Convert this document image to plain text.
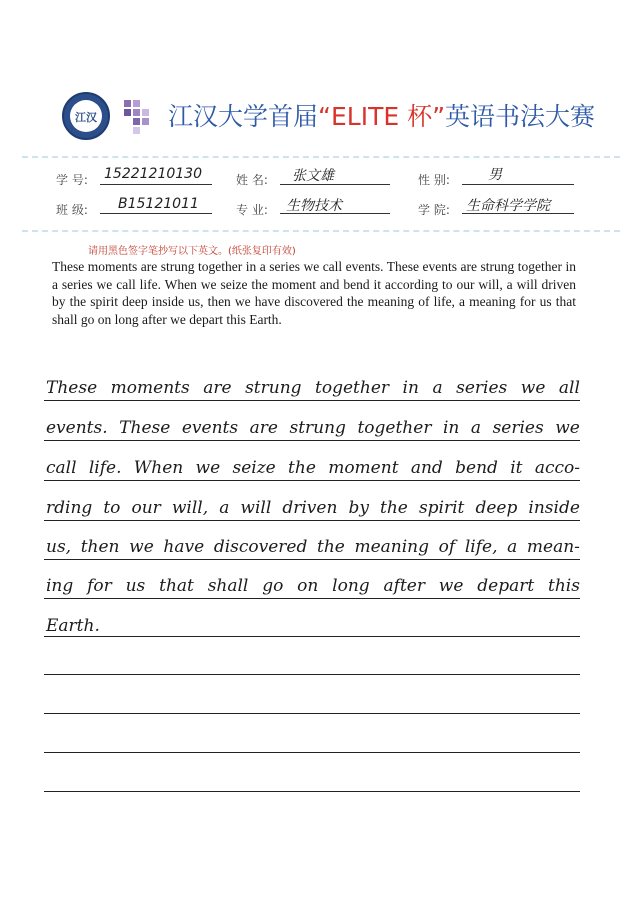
江汉	江汉大学首届“ELITE 杯”英语书法大赛
学 号: 15221210130	姓 名: 张文雄	性 别:	男
班 级: B15121011	专 业: 生物技术	学 院: 生命科学学院
请用黑色签字笔抄写以下英文。(纸张复印有效)
These moments are strung together in a series we call events. These events are strung together in a series we call life. When we seize the moment and bend it according to our will, a will driven by the spirit deep inside us, then we have discovered the meaning of life, a meaning for us that shall go on long after we depart this Earth.
These moments are strung together in a series we all
events. These events are strung together in a series we
call life. When we seize the moment and bend it acco-
rding to our will, a will driven by the spirit deep inside
us, then we have discovered the meaning of life, a mean-
ing for us that shall go on long after we depart this
Earth.
